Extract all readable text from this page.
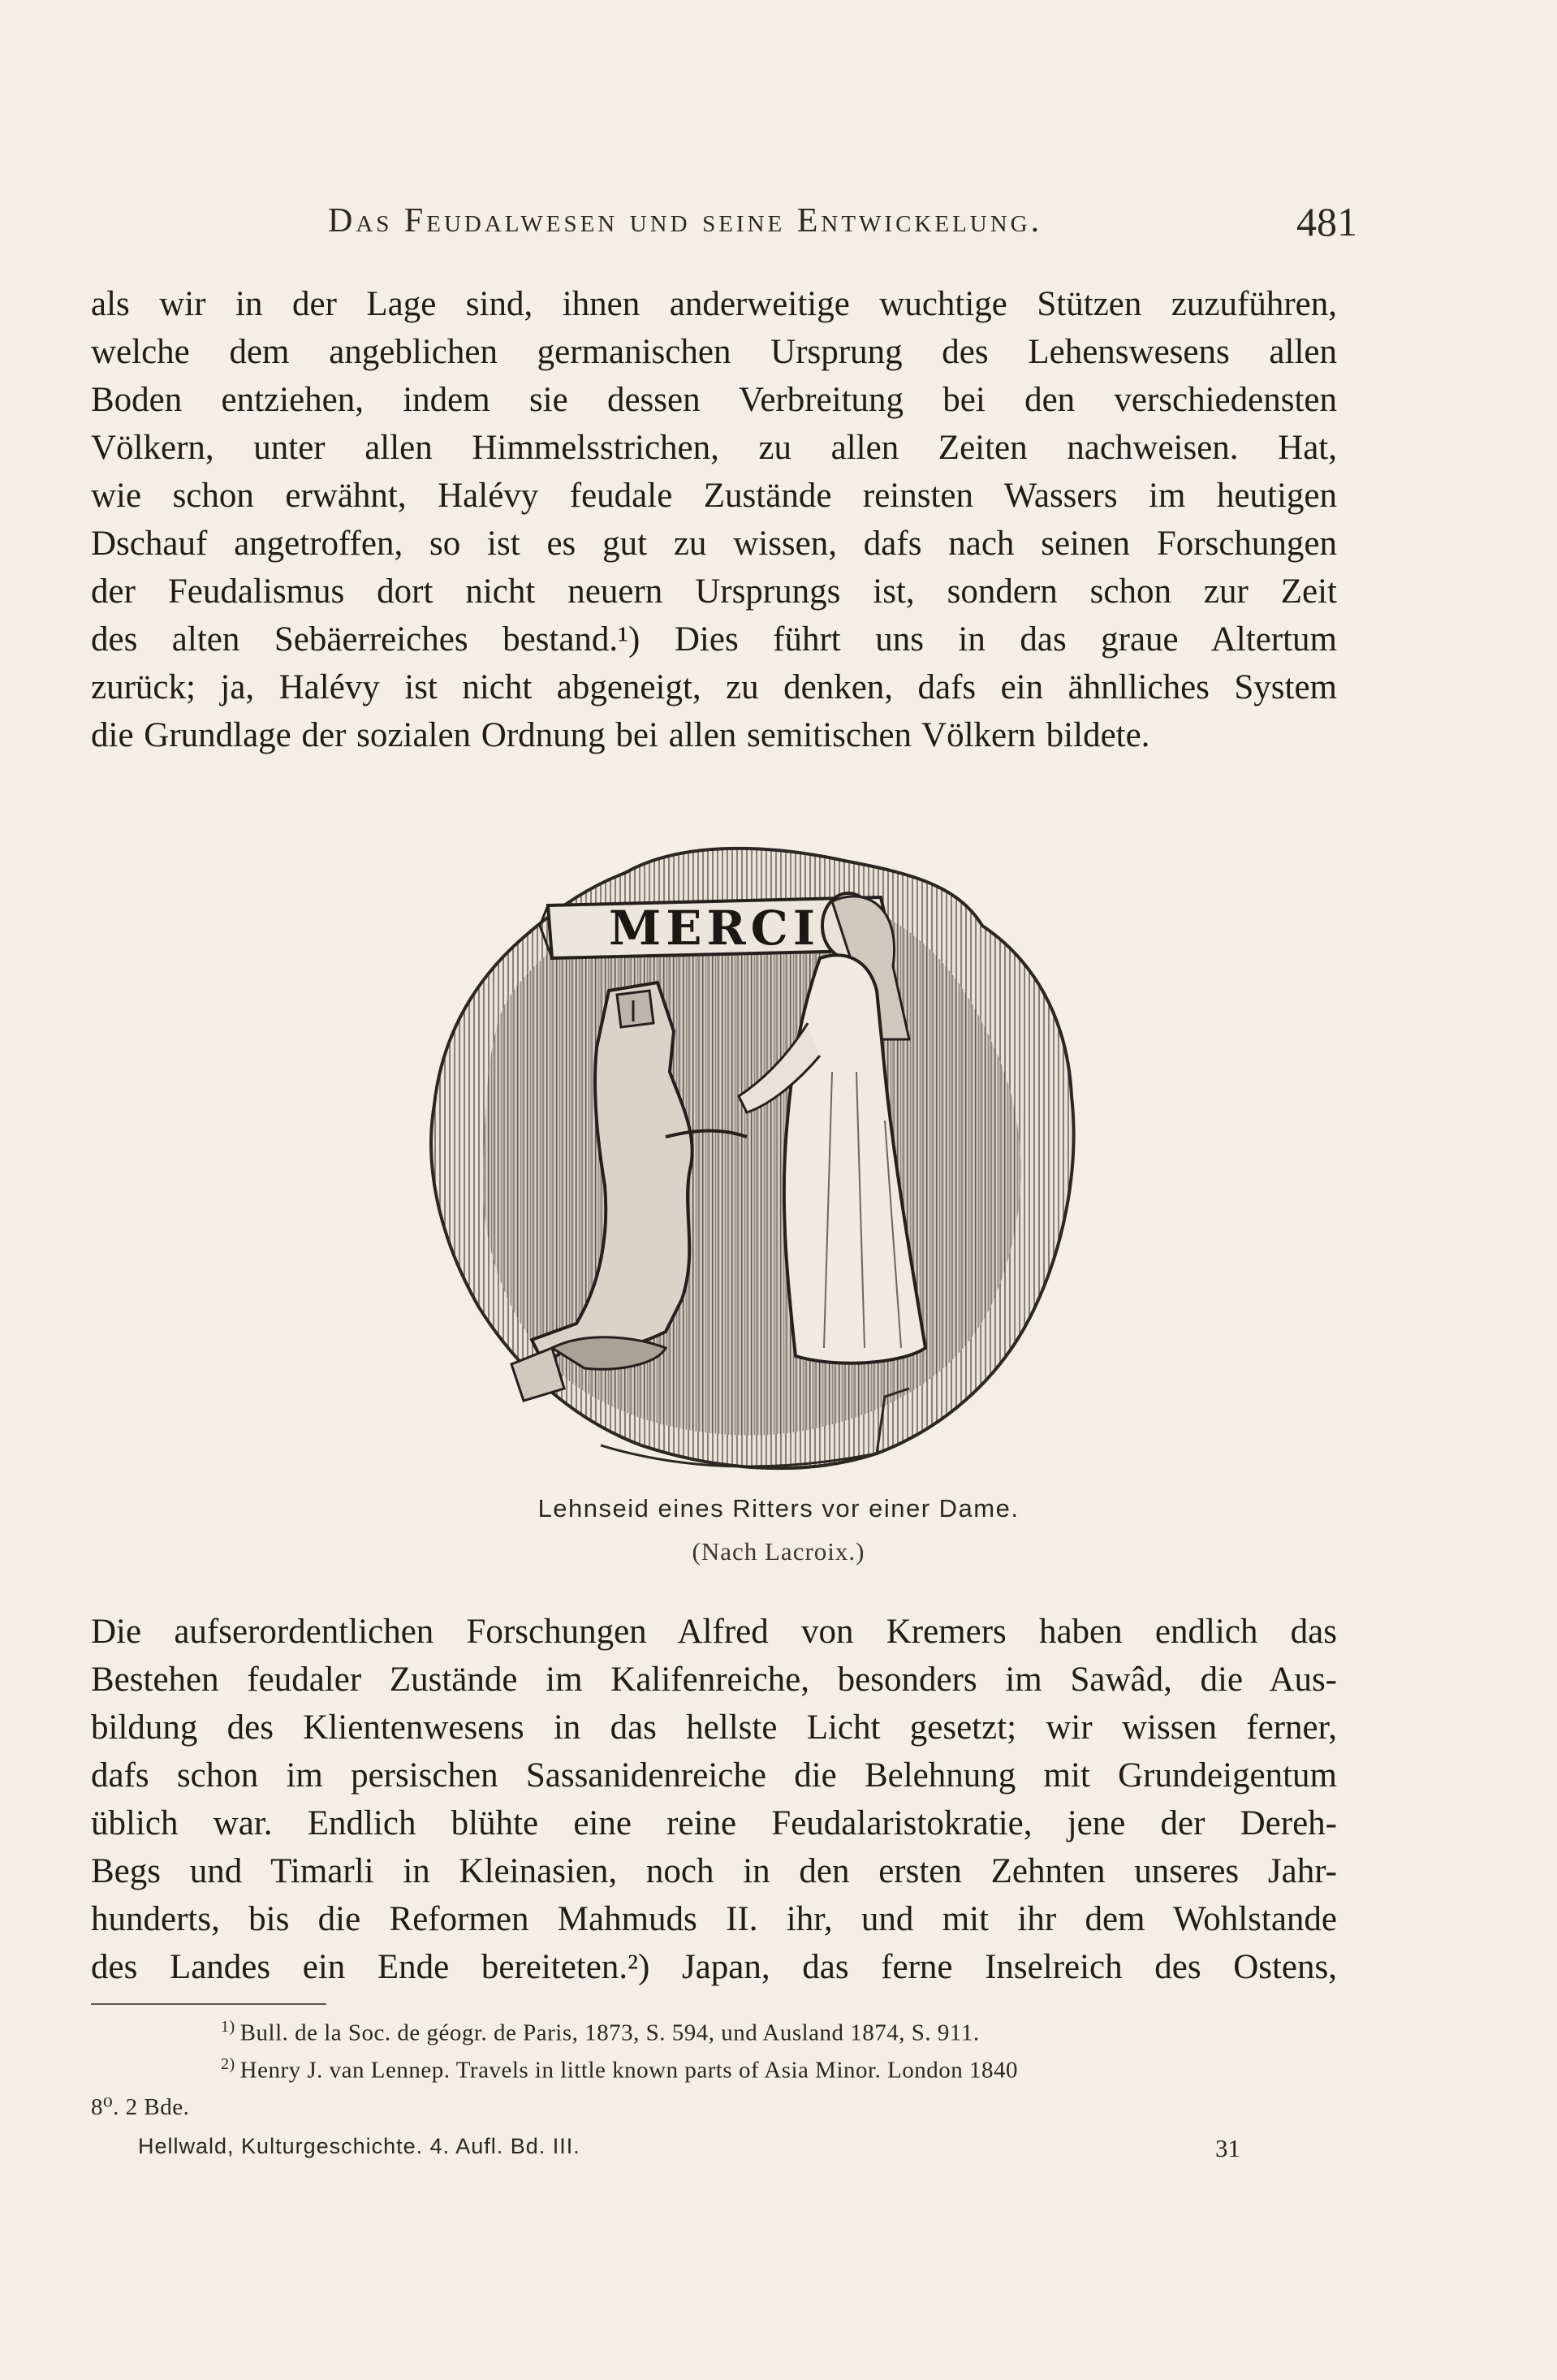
Das Feudalwesen und seine Entwickelung.	481
als wir in der Lage sind, ihnen anderweitige wuchtige Stützen zuzuführen,
welche dem angeblichen germanischen Ursprung des Lehenswesens allen
Boden entziehen, indem sie dessen Verbreitung bei den verschiedensten
Völkern, unter allen Himmelsstrichen, zu allen Zeiten nachweisen. Hat,
wie schon erwähnt, Halévy feudale Zustände reinsten Wassers im heutigen
Dschauf angetroffen, so ist es gut zu wissen, dafs nach seinen Forschungen
der Feudalismus dort nicht neuern Ursprungs ist, sondern schon zur Zeit
des alten Sebäerreiches bestand.¹) Dies führt uns in das graue Altertum
zurück; ja, Halévy ist nicht abgeneigt, zu denken, dafs ein ähnlliches System
die Grundlage der sozialen Ordnung bei allen semitischen Völkern bildete.
MERCI
Lehnseid eines Ritters vor einer Dame.
(Nach Lacroix.)
Die aufserordentlichen Forschungen Alfred von Kremers haben endlich das
Bestehen feudaler Zustände im Kalifenreiche, besonders im Sawâd, die Aus-
bildung des Klientenwesens in das hellste Licht gesetzt; wir wissen ferner,
dafs schon im persischen Sassanidenreiche die Belehnung mit Grundeigentum
üblich war. Endlich blühte eine reine Feudalaristokratie, jene der Dereh-
Begs und Timarli in Kleinasien, noch in den ersten Zehnten unseres Jahr-
hunderts, bis die Reformen Mahmuds II. ihr, und mit ihr dem Wohlstande
des Landes ein Ende bereiteten.²) Japan, das ferne Inselreich des Ostens,
$^{1)}$ Bull. de la Soc. de géogr. de Paris, 1873, S. 594, und Ausland 1874, S. 911.
$^{2)}$ Henry J. van Lennep. Travels in little known parts of Asia Minor. London 1840
8⁰. 2 Bde.
Hellwald, Kulturgeschichte. 4. Aufl. Bd. III.	31
